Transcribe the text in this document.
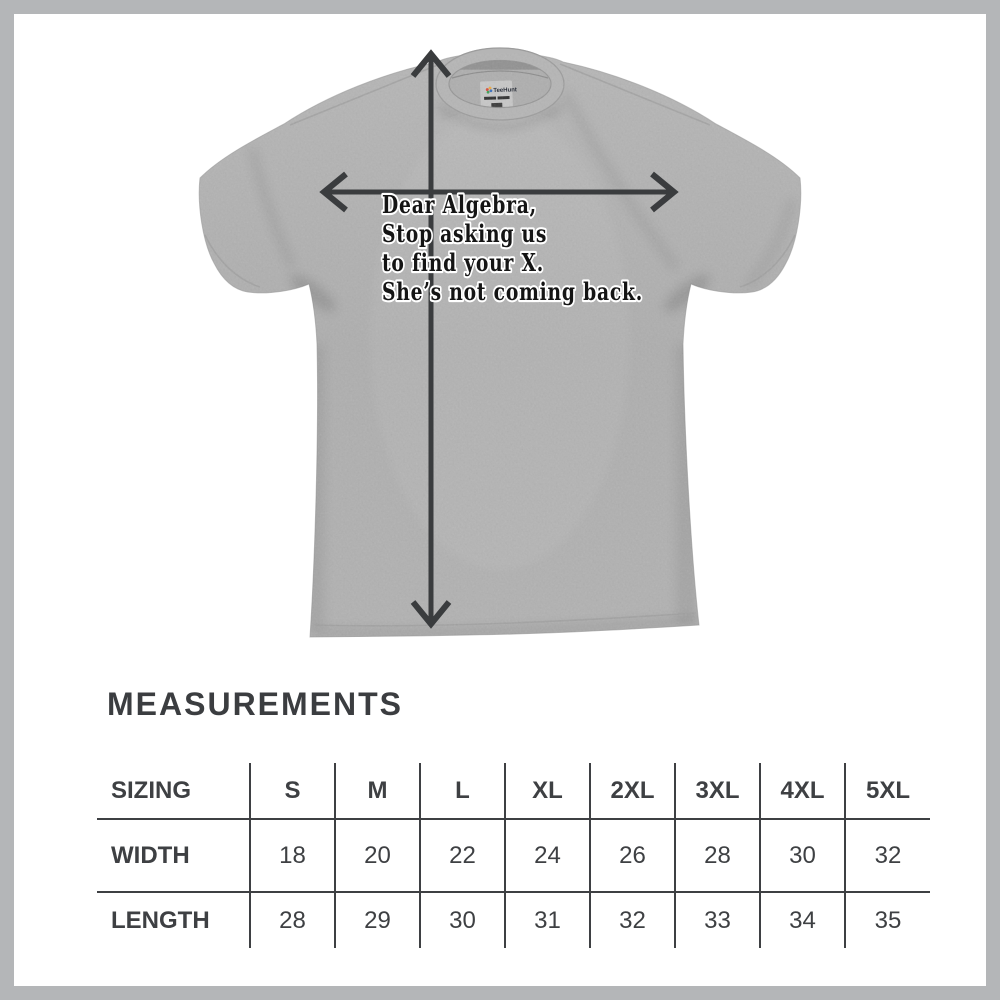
Dear Algebra,
Stop asking us
to find your X.
She’s not coming back.
MEASUREMENTS
SIZING	S	M	L	XL	2XL	3XL	4XL	5XL
WIDTH	18	20	22	24	26	28	30	32
LENGTH	28	29	30	31	32	33	34	35
